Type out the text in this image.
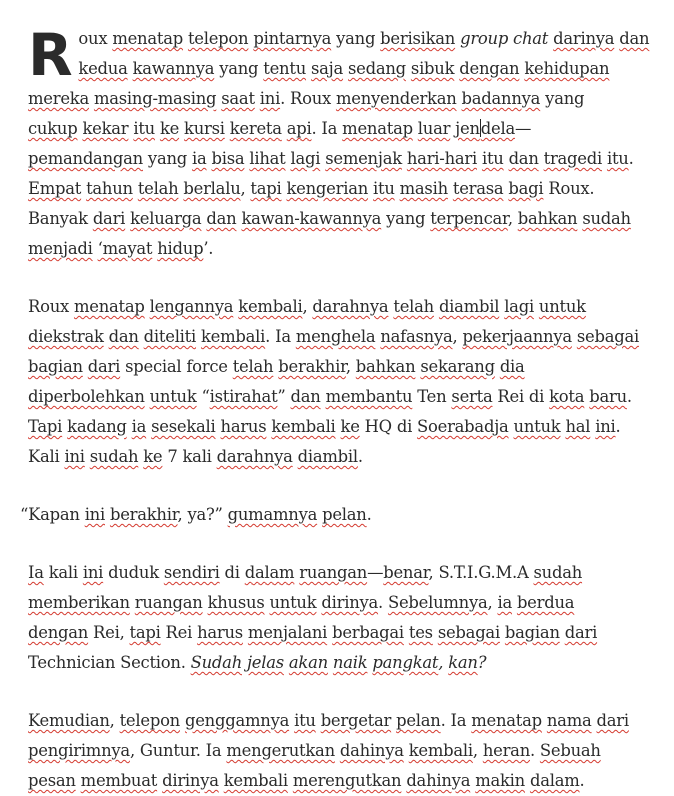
R oux menatap telepon pintarnya yang berisikan group chat darinya dan
kedua kawannya yang tentu saja sedang sibuk dengan kehidupan
mereka masing-masing saat ini. Roux menyenderkan badannya yang
cukup kekar itu ke kursi kereta api. Ia menatap luar jendela—
pemandangan yang ia bisa lihat lagi semenjak hari-hari itu dan tragedi itu.
Empat tahun telah berlalu, tapi kengerian itu masih terasa bagi Roux.
Banyak dari keluarga dan kawan-kawannya yang terpencar, bahkan sudah
menjadi ‘mayat hidup’.

Roux menatap lengannya kembali, darahnya telah diambil lagi untuk
diekstrak dan diteliti kembali. Ia menghela nafasnya, pekerjaannya sebagai
bagian dari special force telah berakhir, bahkan sekarang dia
diperbolehkan untuk “istirahat” dan membantu Ten serta Rei di kota baru.
Tapi kadang ia sesekali harus kembali ke HQ di Soerabadja untuk hal ini.
Kali ini sudah ke 7 kali darahnya diambil.

“Kapan ini berakhir, ya?” gumamnya pelan.

Ia kali ini duduk sendiri di dalam ruangan—benar, S.T.I.G.M.A sudah
memberikan ruangan khusus untuk dirinya. Sebelumnya, ia berdua
dengan Rei, tapi Rei harus menjalani berbagai tes sebagai bagian dari
Technician Section. Sudah jelas akan naik pangkat, kan?

Kemudian, telepon genggamnya itu bergetar pelan. Ia menatap nama dari
pengirimnya, Guntur. Ia mengerutkan dahinya kembali, heran. Sebuah
pesan membuat dirinya kembali merengutkan dahinya makin dalam.
